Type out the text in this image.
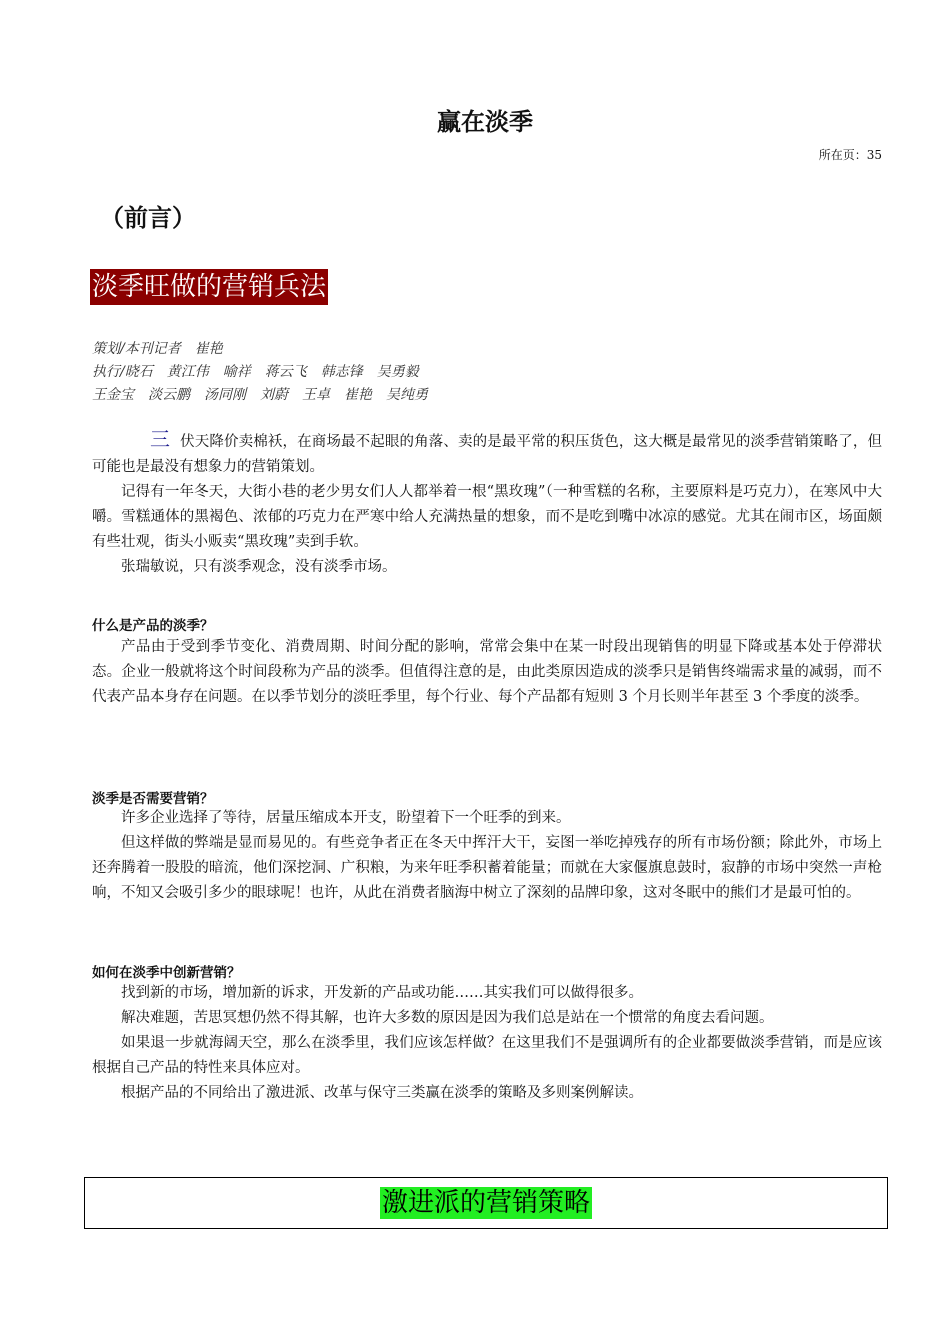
赢在淡季
所在页：35
（前言）
淡季旺做的营销兵法
策划/本刊记者　崔艳
执行/晓石　黄江伟　喻祥　蒋云飞　韩志锋　吴勇毅
王金宝　淡云鹏　汤同刚　刘蔚　王卓　崔艳　吴纯勇

三 伏天降价卖棉袄，在商场最不起眼的角落、卖的是最平常的积压货色，这大概是最常见的淡季营销策略了，但可能也是最没有想象力的营销策划。

记得有一年冬天，大街小巷的老少男女们人人都举着一根“黑玫瑰”（一种雪糕的名称，主要原料是巧克力），在寒风中大嚼。雪糕通体的黑褐色、浓郁的巧克力在严寒中给人充满热量的想象，而不是吃到嘴中冰凉的感觉。尤其在闹市区，场面颇有些壮观，街头小贩卖“黑玫瑰”卖到手软。

张瑞敏说，只有淡季观念，没有淡季市场。

什么是产品的淡季？

产品由于受到季节变化、消费周期、时间分配的影响，常常会集中在某一时段出现销售的明显下降或基本处于停滞状态。企业一般就将这个时间段称为产品的淡季。但值得注意的是，由此类原因造成的淡季只是销售终端需求量的减弱，而不代表产品本身存在问题。在以季节划分的淡旺季里，每个行业、每个产品都有短则 3 个月长则半年甚至 3 个季度的淡季。

淡季是否需要营销？

许多企业选择了等待，居量压缩成本开支，盼望着下一个旺季的到来。

但这样做的弊端是显而易见的。有些竞争者正在冬天中挥汗大干，妄图一举吃掉残存的所有市场份额；除此外，市场上还奔腾着一股股的暗流，他们深挖洞、广积粮，为来年旺季积蓄着能量；而就在大家偃旗息鼓时，寂静的市场中突然一声枪响，不知又会吸引多少的眼球呢！也许，从此在消费者脑海中树立了深刻的品牌印象，这对冬眠中的熊们才是最可怕的。

如何在淡季中创新营销？

找到新的市场，增加新的诉求，开发新的产品或功能……其实我们可以做得很多。

解决难题，苦思冥想仍然不得其解，也许大多数的原因是因为我们总是站在一个惯常的角度去看问题。

如果退一步就海阔天空，那么在淡季里，我们应该怎样做？在这里我们不是强调所有的企业都要做淡季营销，而是应该根据自己产品的特性来具体应对。

根据产品的不同给出了激进派、改革与保守三类赢在淡季的策略及多则案例解读。

激进派的营销策略
